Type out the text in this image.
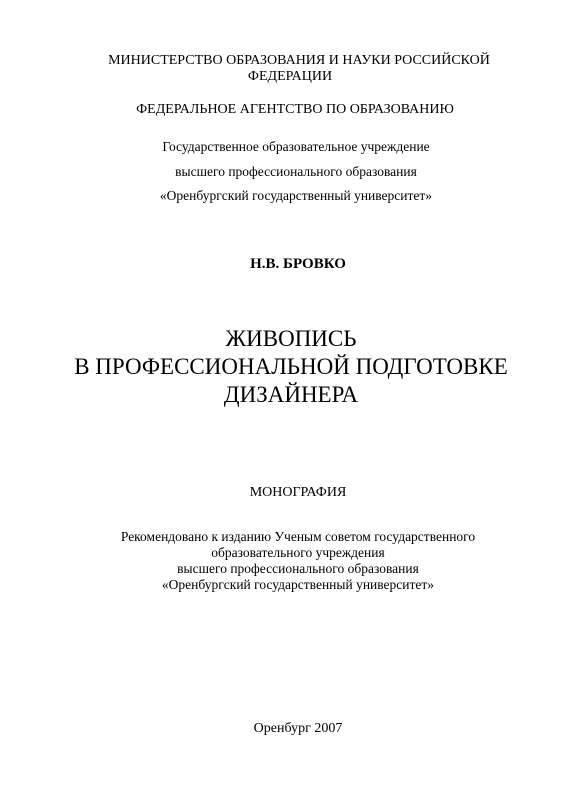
МИНИСТЕРСТВО ОБРАЗОВАНИЯ И НАУКИ РОССИЙСКОЙ
ФЕДЕРАЦИИ
ФЕДЕРАЛЬНОЕ АГЕНТСТВО ПО ОБРАЗОВАНИЮ
Государственное образовательное учреждение
высшего профессионального образования
«Оренбургский государственный университет»
Н.В. БРОВКО
ЖИВОПИСЬ
В ПРОФЕССИОНАЛЬНОЙ ПОДГОТОВКЕ
ДИЗАЙНЕРА
МОНОГРАФИЯ
Рекомендовано к изданию Ученым советом государственного
образовательного учреждения
высшего профессионального образования
«Оренбургский государственный университет»
Оренбург 2007
